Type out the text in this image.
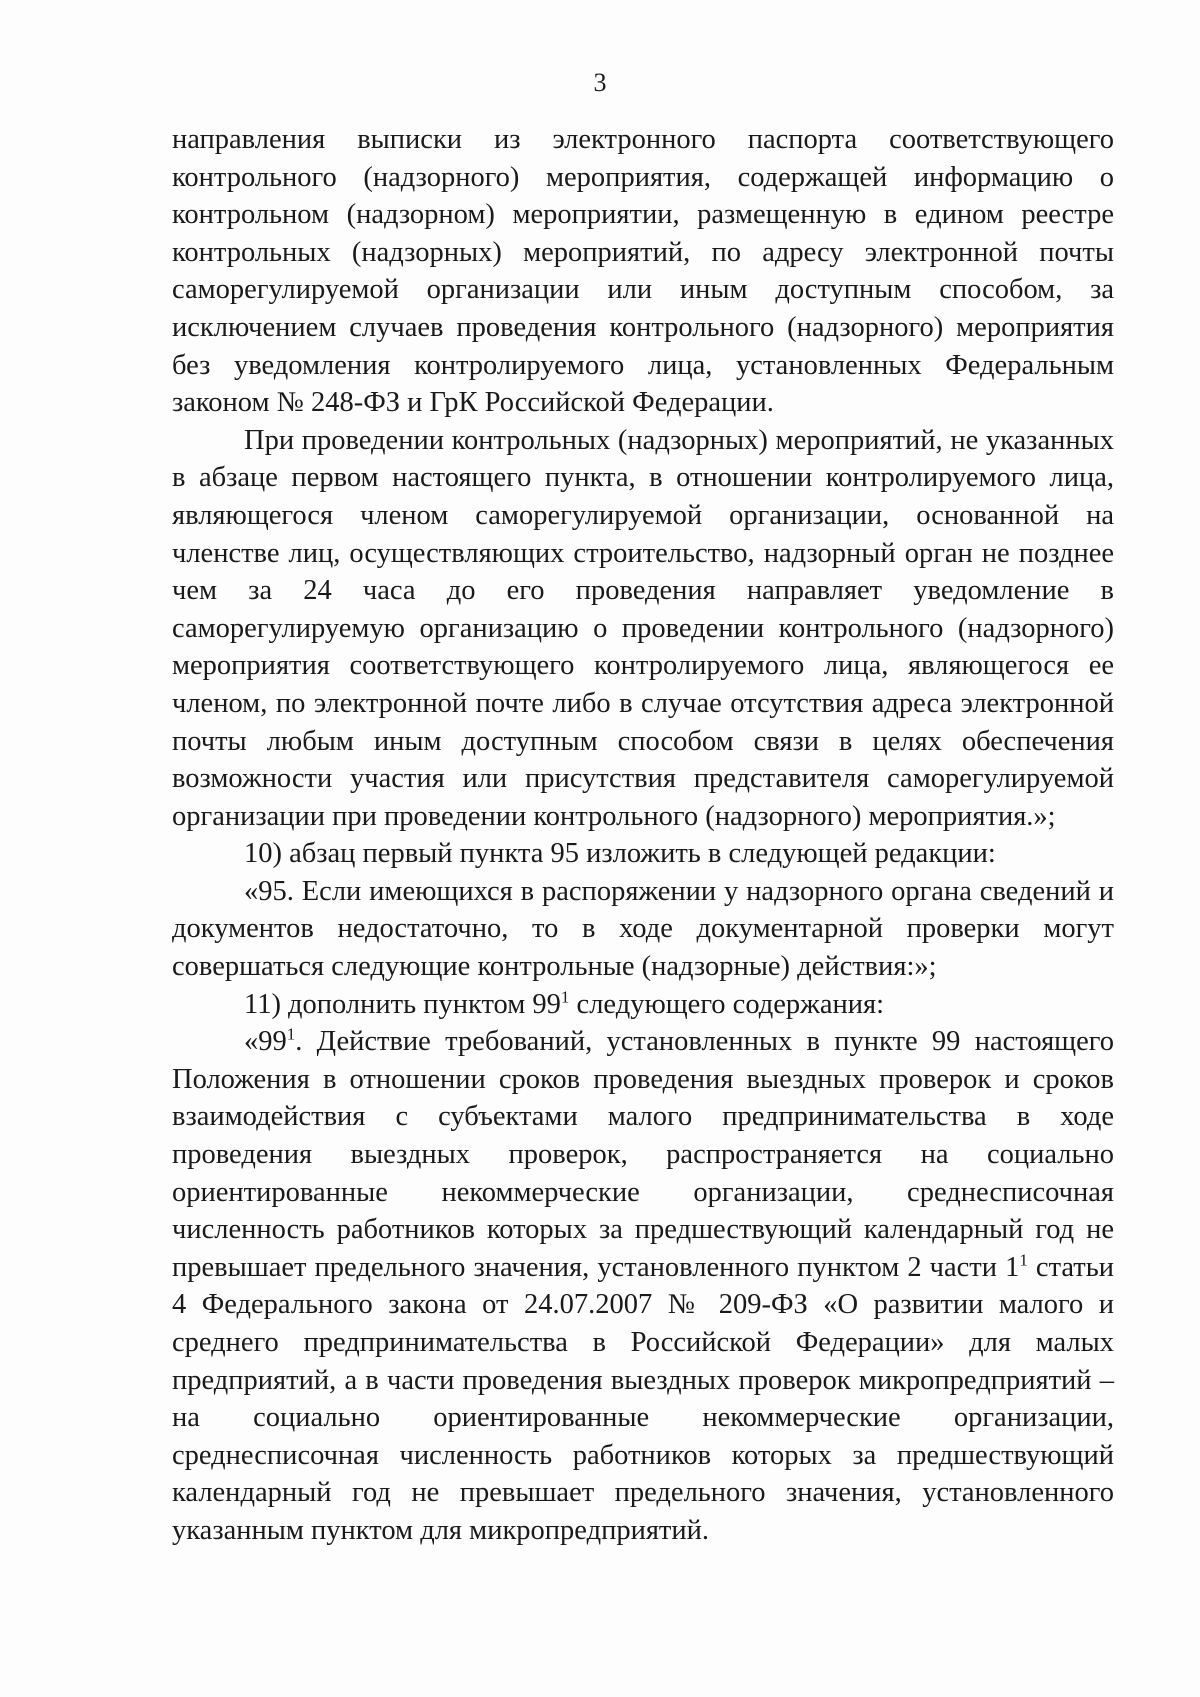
3

направления выписки из электронного паспорта соответствующего контрольного (надзорного) мероприятия, содержащей информацию о контрольном (надзорном) мероприятии, размещенную в едином реестре контрольных (надзорных) мероприятий, по адресу электронной почты саморегулируемой организации или иным доступным способом, за исключением случаев проведения контрольного (надзорного) мероприятия без уведомления контролируемого лица, установленных Федеральным законом № 248-ФЗ и ГрК Российской Федерации.

При проведении контрольных (надзорных) мероприятий, не указанных в абзаце первом настоящего пункта, в отношении контролируемого лица, являющегося членом саморегулируемой организации, основанной на членстве лиц, осуществляющих строительство, надзорный орган не позднее чем за 24 часа до его проведения направляет уведомление в саморегулируемую организацию о проведении контрольного (надзорного) мероприятия соответствующего контролируемого лица, являющегося ее членом, по электронной почте либо в случае отсутствия адреса электронной почты любым иным доступным способом связи в целях обеспечения возможности участия или присутствия представителя саморегулируемой организации при проведении контрольного (надзорного) мероприятия.»;

10) абзац первый пункта 95 изложить в следующей редакции:

«95. Если имеющихся в распоряжении у надзорного органа сведений и документов недостаточно, то в ходе документарной проверки могут совершаться следующие контрольные (надзорные) действия:»;

11) дополнить пунктом $99^1$ следующего содержания:

«$99^1$. Действие требований, установленных в пункте 99 настоящего Положения в отношении сроков проведения выездных проверок и сроков взаимодействия с субъектами малого предпринимательства в ходе проведения выездных проверок, распространяется на социально ориентированные некоммерческие организации, среднесписочная численность работников которых за предшествующий календарный год не превышает предельного значения, установленного пунктом 2 части $1^1$ статьи 4 Федерального закона от 24.07.2007 № 209-ФЗ «О развитии малого и среднего предпринимательства в Российской Федерации» для малых предприятий, а в части проведения выездных проверок микропредприятий – на социально ориентированные некоммерческие организации, среднесписочная численность работников которых за предшествующий календарный год не превышает предельного значения, установленного указанным пунктом для микропредприятий.
